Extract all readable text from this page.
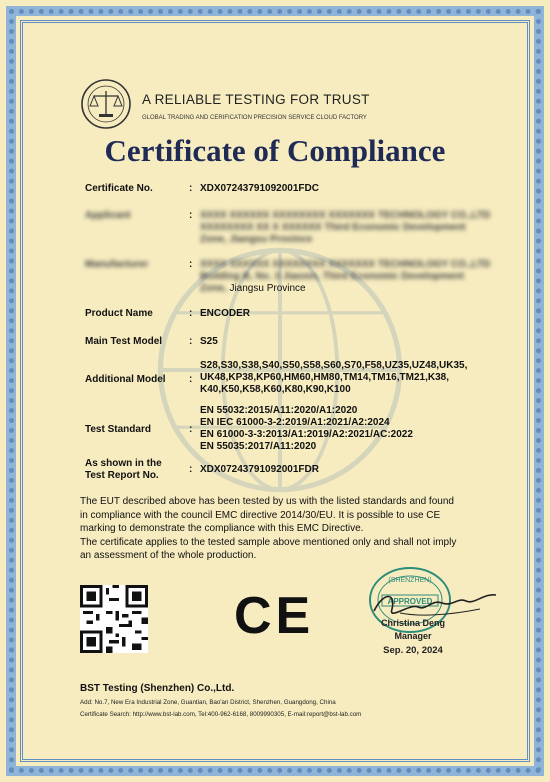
A RELIABLE TESTING FOR TRUST
GLOBAL TRADING AND CERIFICATION PRECISION SERVICE CLOUD FACTORY
Certificate of Compliance
Certificate No.	: XDX07243791092001FDC
Applicant	: XXXX XXXXXX XXXXXXXX XXXXXXX TECHNOLOGY CO.,LTD
XXXXXXXX XX X XXXXXX Third Economic Development
Zone, Jiangsu Province
Manufacturer	: XXXX XXXXXX XXXXXXXX XXXXXXX TECHNOLOGY CO.,LTD
Building B, No. 3 Jiaoxin, Third Economic Development
Zone, Jiangsu Province
Product Name	: ENCODER
Main Test Model	: S25
Additional Model :
S28,S30,S38,S40,S50,S58,S60,S70,F58,UZ35,UZ48,UK35,
UK48,KP38,KP60,HM60,HM80,TM14,TM16,TM21,K38,
K40,K50,K58,K60,K80,K90,K100
Test Standard	:
EN 55032:2015/A11:2020/A1:2020
EN IEC 61000-3-2:2019/A1:2021/A2:2024
EN 61000-3-3:2013/A1:2019/A2:2021/AC:2022
EN 55035:2017/A11:2020
As shown in the
Test Report No.
: XDX07243791092001FDR
The EUT described above has been tested by us with the listed standards and found
in compliance with the council EMC directive 2014/30/EU. It is possible to use CE
marking to demonstrate the compliance with this EMC Directive.
The certificate applies to the tested sample above mentioned only and shall not imply
an assessment of the whole production.
CE
(SHENZHEN)
APPROVED
Christina Deng
Manager
Sep. 20, 2024
BST Testing (Shenzhen) Co.,Ltd.
Add: No.7, New Era Industrial Zone, Guantian, Bao'an District, Shenzhen, Guangdong, China
Certificate Search: http://www.bst-lab.com, Tel:400-962-6168, 8009990305, E-mail:report@bst-lab.com
